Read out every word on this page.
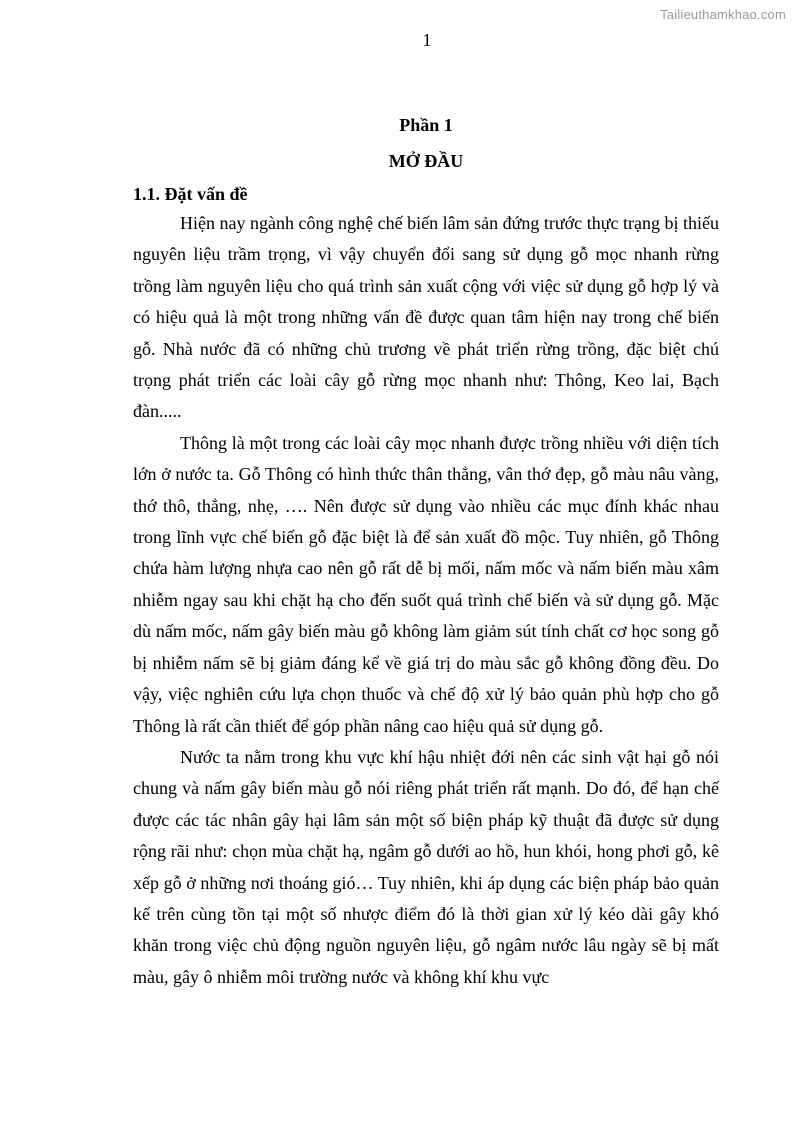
Tailieuthamkhao.com
1

Phần 1

MỞ ĐẦU

1.1. Đặt vấn đề

Hiện nay ngành công nghệ chế biến lâm sản đứng trước thực trạng bị thiếu nguyên liệu trầm trọng, vì vậy chuyển đổi sang sử dụng gỗ mọc nhanh rừng trồng làm nguyên liệu cho quá trình sản xuất cộng với việc sử dụng gỗ hợp lý và có hiệu quả là một trong những vấn đề được quan tâm hiện nay trong chế biến gỗ. Nhà nước đã có những chủ trương về phát triển rừng trồng, đặc biệt chú trọng phát triển các loài cây gỗ rừng mọc nhanh như: Thông, Keo lai, Bạch đàn.....

Thông là một trong các loài cây mọc nhanh được trồng nhiều với diện tích lớn ở nước ta. Gỗ Thông có hình thức thân thẳng, vân thớ đẹp, gỗ màu nâu vàng, thớ thô, thẳng, nhẹ, …. Nên được sử dụng vào nhiều các mục đính khác nhau trong lĩnh vực chế biến gỗ đặc biệt là để sản xuất đồ mộc. Tuy nhiên, gỗ Thông chứa hàm lượng nhựa cao nên gỗ rất dễ bị mối, nấm mốc và nấm biến màu xâm nhiễm ngay sau khi chặt hạ cho đến suốt quá trình chế biến và sử dụng gỗ. Mặc dù nấm mốc, nấm gây biến màu gỗ không làm giảm sút tính chất cơ học song gỗ bị nhiễm nấm sẽ bị giảm đáng kể về giá trị do màu sắc gỗ không đồng đều. Do vậy, việc nghiên cứu lựa chọn thuốc và chế độ xử lý bảo quản phù hợp cho gỗ Thông là rất cần thiết để góp phần nâng cao hiệu quả sử dụng gỗ.

Nước ta nằm trong khu vực khí hậu nhiệt đới nên các sinh vật hại gỗ nói chung và nấm gây biến màu gỗ nói riêng phát triển rất mạnh. Do đó, để hạn chế được các tác nhân gây hại lâm sản một số biện pháp kỹ thuật đã được sử dụng rộng rãi như: chọn mùa chặt hạ, ngâm gỗ dưới ao hồ, hun khói, hong phơi gỗ, kê xếp gỗ ở những nơi thoáng gió… Tuy nhiên, khi áp dụng các biện pháp bảo quản kế trên cùng tồn tại một số nhược điểm đó là thời gian xử lý kéo dài gây khó khăn trong việc chủ động nguồn nguyên liệu, gỗ ngâm nước lâu ngày sẽ bị mất màu, gây ô nhiễm môi trường nước và không khí khu vực
